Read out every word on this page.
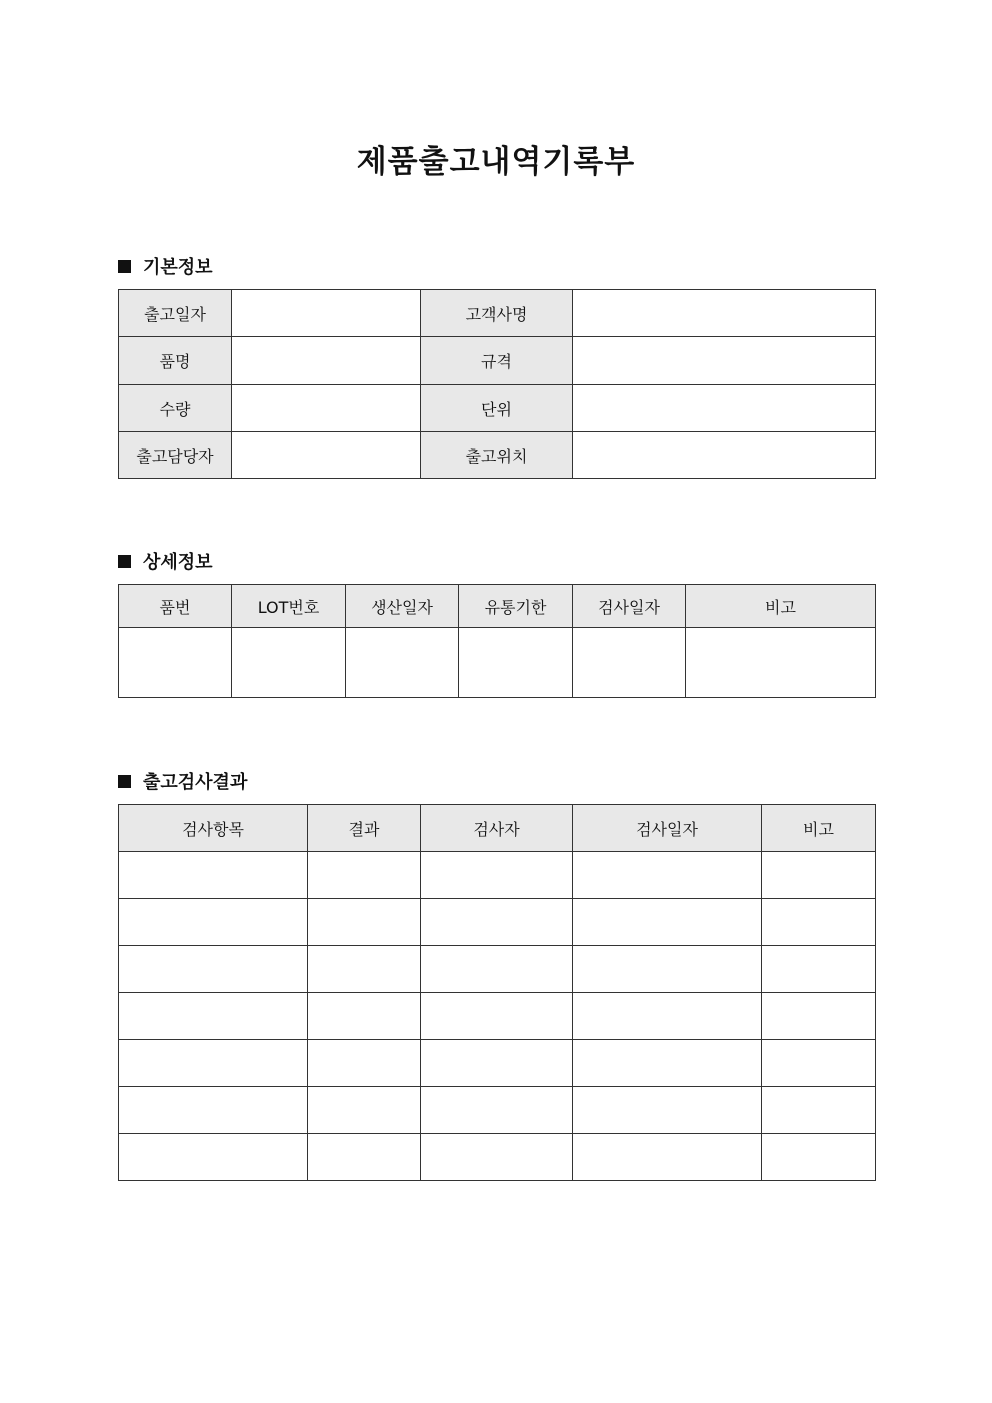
제품출고내역기록부
기본정보
출고일자		고객사명	
품명		규격	
수량		단위	
출고담당자		출고위치	
상세정보
품번	LOT번호	생산일자	유통기한	검사일자	비고

출고검사결과
검사항목	결과	검사자	검사일자	비고
